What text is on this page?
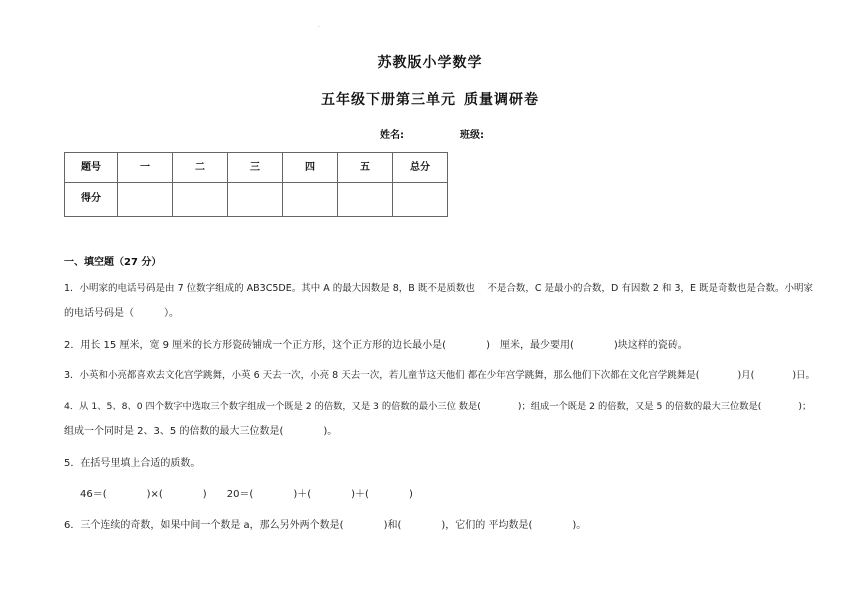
·
苏教版小学数学
五年级下册第三单元 质量调研卷
姓名:	班级:
题号	一	二	三	四	五	总分
得分						
一、填空题（27 分）
1．小明家的电话号码是由 7 位数字组成的 AB3C5DE。其中 A 的最大因数是 8，B 既不是质数也　 不是合数，C 是最小的合数，D 有因数 2 和 3，E 既是奇数也是合数。小明家
的电话号码是（　　　）。
2．用长 15 厘米，宽 9 厘米的长方形瓷砖铺成一个正方形，这个正方形的边长最小是(　　　　)　厘米，最少要用(　　　　)块这样的瓷砖。
3．小英和小亮都喜欢去文化宫学跳舞，小英 6 天去一次，小亮 8 天去一次，若儿童节这天他们 都在少年宫学跳舞，那么他们下次都在文化宫学跳舞是(　　　　)月(　　　　)日。
4．从 1、5、8、0 四个数字中选取三个数字组成一个既是 2 的倍数，又是 3 的倍数的最小三位 数是(　　　　)；组成一个既是 2 的倍数，又是 5 的倍数的最大三位数是(　　　　)；
组成一个同时是 2、3、5 的倍数的最大三位数是(　　　　)。
5．在括号里填上合适的质数。
46＝(　　　　)×(　　　　)　　20＝(　　　　)＋(　　　　)＋(　　　　)
6．三个连续的奇数，如果中间一个数是 a，那么另外两个数是(　　　　)和(　　　　)，它们的 平均数是(　　　　)。
